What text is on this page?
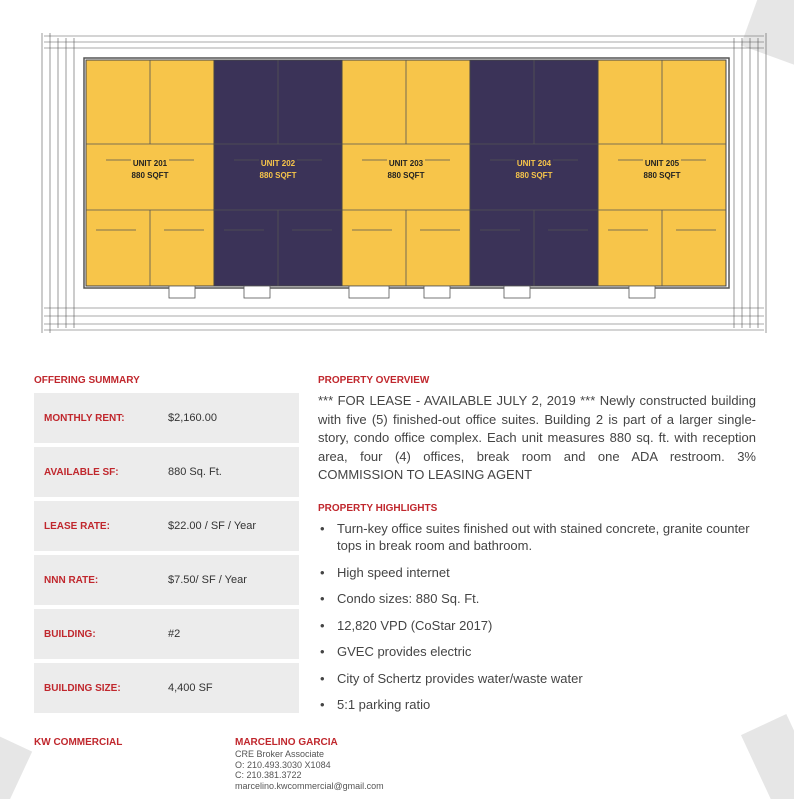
UNIT 201
880 SQFT
UNIT 202
880 SQFT
UNIT 203
880 SQFT
UNIT 204
880 SQFT
UNIT 205
880 SQFT
OFFERING SUMMARY
MONTHLY RENT:	$2,160.00
AVAILABLE SF:	880 Sq. Ft.
LEASE RATE:	$22.00 / SF / Year
NNN RATE:	$7.50/ SF / Year
BUILDING:	#2
BUILDING SIZE:	4,400 SF
PROPERTY OVERVIEW

*** FOR LEASE - AVAILABLE JULY 2, 2019 *** Newly constructed building with five (5) finished-out office suites. Building 2 is part of a larger single-story, condo office complex. Each unit measures 880 sq. ft. with reception area, four (4) offices, break room and one ADA restroom. 3% COMMISSION TO LEASING AGENT

PROPERTY HIGHLIGHTS
• Turn-key office suites finished out with stained concrete, granite counter tops in break room and bathroom.
• High speed internet
• Condo sizes: 880 Sq. Ft.
• 12,820 VPD (CoStar 2017)
• GVEC provides electric
• City of Schertz provides water/waste water
• 5:1 parking ratio
KW COMMERCIAL	MARCELINO GARCIA
CRE Broker Associate
O: 210.493.3030 X1084
C: 210.381.3722
marcelino.kwcommercial@gmail.com
